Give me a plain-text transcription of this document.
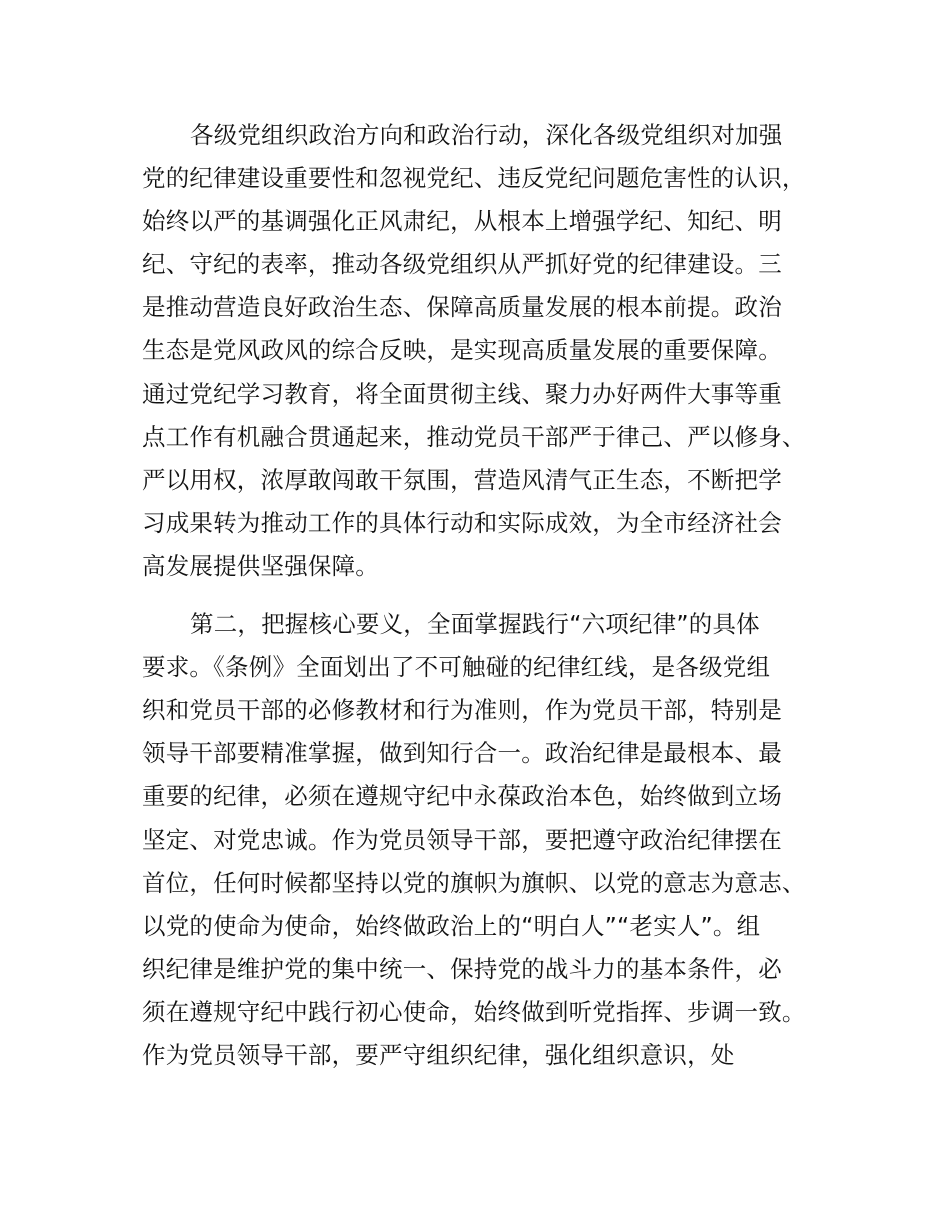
各级党组织政治方向和政治行动，深化各级党组织对加强
党的纪律建设重要性和忽视党纪、违反党纪问题危害性的认识，
始终以严的基调强化正风肃纪，从根本上增强学纪、知纪、明
纪、守纪的表率，推动各级党组织从严抓好党的纪律建设。三
是推动营造良好政治生态、保障高质量发展的根本前提。政治
生态是党风政风的综合反映，是实现高质量发展的重要保障。
通过党纪学习教育，将全面贯彻主线、聚力办好两件大事等重
点工作有机融合贯通起来，推动党员干部严于律己、严以修身、
严以用权，浓厚敢闯敢干氛围，营造风清气正生态，不断把学
习成果转为推动工作的具体行动和实际成效，为全市经济社会
高发展提供坚强保障。
第二，把握核心要义，全面掌握践行“六项纪律”的具体
要求。《条例》全面划出了不可触碰的纪律红线，是各级党组
织和党员干部的必修教材和行为准则，作为党员干部，特别是
领导干部要精准掌握，做到知行合一。政治纪律是最根本、最
重要的纪律，必须在遵规守纪中永葆政治本色，始终做到立场
坚定、对党忠诚。作为党员领导干部，要把遵守政治纪律摆在
首位，任何时候都坚持以党的旗帜为旗帜、以党的意志为意志、
以党的使命为使命，始终做政治上的“明白人”“老实人”。组
织纪律是维护党的集中统一、保持党的战斗力的基本条件，必
须在遵规守纪中践行初心使命，始终做到听党指挥、步调一致。
作为党员领导干部，要严守组织纪律，强化组织意识，处
